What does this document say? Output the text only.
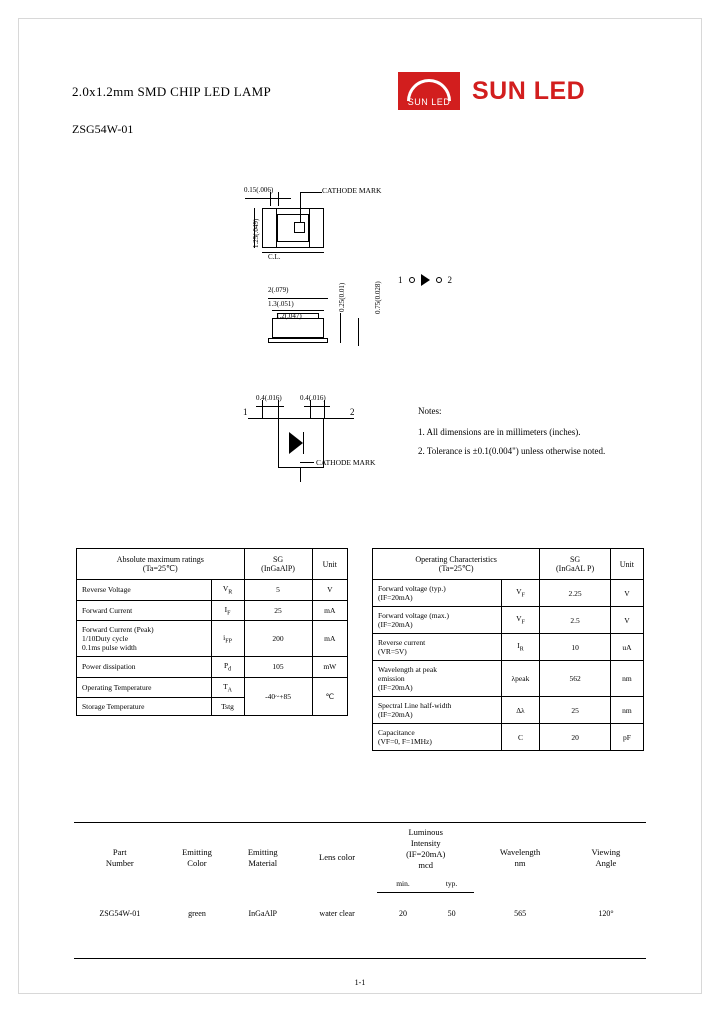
2.0x1.2mm SMD CHIP LED LAMP
ZSG54W-01
SUN LED SUN LED
0.15(.006)
1.25(.049)
CATHODE MARK
C.L.
2(.079)
1.3(.051)
1.2(.047)
0.25(0.01)	0.75(0.028)
1	2
0.4(.016)	0.4(.016)
1	2
CATHODE MARK
Notes:
1. All dimensions are in millimeters (inches).
2. Tolerance is ±0.1(0.004") unless otherwise noted.
Absolute maximum ratings
(Ta=25℃)

SG
(InGaAlP)	Unit
Reverse Voltage	$V_R$	5	V
Forward Current	$I_F$	25	mA

Forward Current (Peak)
1/10Duty cycle
0.1ms pulse width	$i_{FP}$	200	mA
Power dissipation	$P_d$	105	mW
Operating Temperature	$T_A$	-40~+85	℃
Storage Temperature	Tstg		
Operating Characteristics
(Ta=25℃)

SG
(InGaAL P)	Unit

Forward voltage (typ.)
(IF=20mA)	$V_F$	2.25	V

Forward voltage (max.)
(IF=20mA)	$V_F$	2.5	V

Reverse current
(VR=5V)	$I_R$	10	uA

Wavelength at peak
emission
(IF=20mA)	λpeak	562	nm

Spectral Line half-width
(IF=20mA)	Δλ	25	nm

Capacitance
(VF=0, F=1MHz)	C	20	pF
Part
Number

Emitting
Color

Emitting
Material
	Lens color	
Luminous
Intensity
(IF=20mA)
mcd

Wavelength
nm

Viewing
Angle

				min.	typ.		
ZSG54W-01	green	InGaAlP	water clear	20	50	565	120°
1-1
